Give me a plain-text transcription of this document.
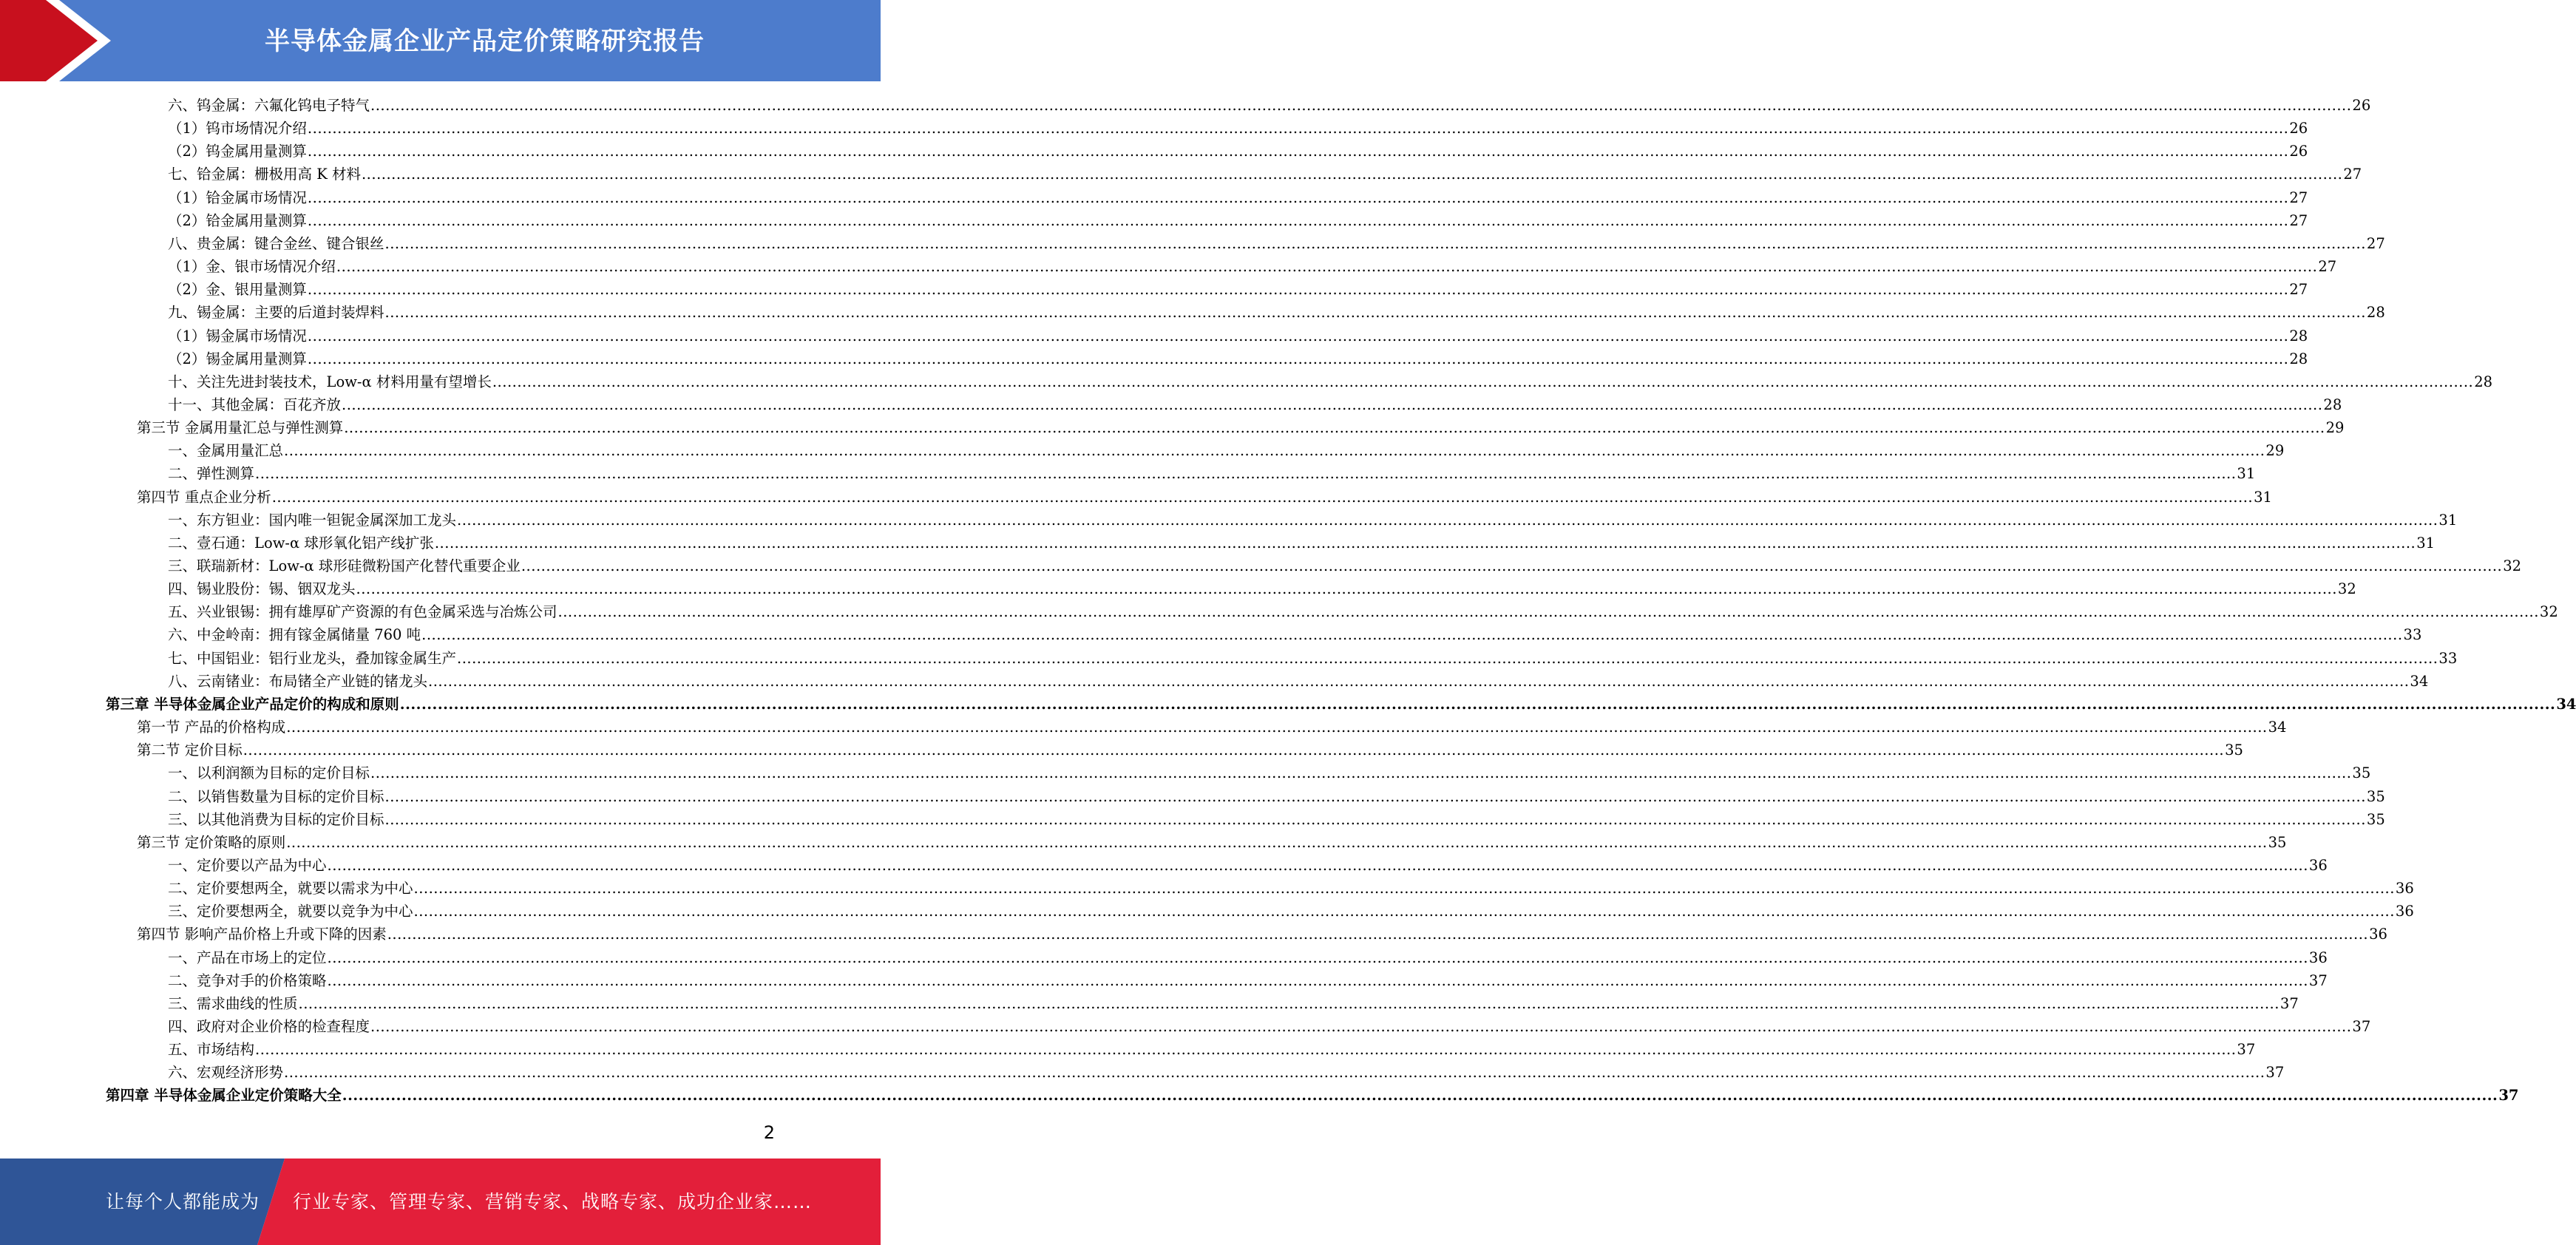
半导体金属企业产品定价策略研究报告
六、钨金属：六氟化钨电子特气 ................................................................................................................................................................................................................................................................................................................................................................................................................ 26
（1）钨市场情况介绍 ................................................................................................................................................................................................................................................................................................................................................................................................................ 26
（2）钨金属用量测算 ................................................................................................................................................................................................................................................................................................................................................................................................................ 26
七、铪金属：栅极用高 K 材料 ................................................................................................................................................................................................................................................................................................................................................................................................................ 27
（1）铪金属市场情况 ................................................................................................................................................................................................................................................................................................................................................................................................................ 27
（2）铪金属用量测算 ................................................................................................................................................................................................................................................................................................................................................................................................................ 27
八、贵金属：键合金丝、键合银丝 ................................................................................................................................................................................................................................................................................................................................................................................................................ 27
（1）金、银市场情况介绍 ................................................................................................................................................................................................................................................................................................................................................................................................................ 27
（2）金、银用量测算 ................................................................................................................................................................................................................................................................................................................................................................................................................ 27
九、锡金属：主要的后道封装焊料 ................................................................................................................................................................................................................................................................................................................................................................................................................ 28
（1）锡金属市场情况 ................................................................................................................................................................................................................................................................................................................................................................................................................ 28
（2）锡金属用量测算 ................................................................................................................................................................................................................................................................................................................................................................................................................ 28
十、关注先进封装技术，Low-α 材料用量有望增长 ................................................................................................................................................................................................................................................................................................................................................................................................................ 28
十一、其他金属：百花齐放 ................................................................................................................................................................................................................................................................................................................................................................................................................ 28
第三节 金属用量汇总与弹性测算 ................................................................................................................................................................................................................................................................................................................................................................................................................ 29
一、金属用量汇总 ................................................................................................................................................................................................................................................................................................................................................................................................................ 29
二、弹性测算 ................................................................................................................................................................................................................................................................................................................................................................................................................ 31
第四节 重点企业分析 ................................................................................................................................................................................................................................................................................................................................................................................................................ 31
一、东方钽业：国内唯一钽铌金属深加工龙头 ................................................................................................................................................................................................................................................................................................................................................................................................................ 31
二、壹石通：Low-α 球形氧化铝产线扩张 ................................................................................................................................................................................................................................................................................................................................................................................................................ 31
三、联瑞新材：Low-α 球形硅微粉国产化替代重要企业 ................................................................................................................................................................................................................................................................................................................................................................................................................ 32
四、锡业股份：锡、铟双龙头 ................................................................................................................................................................................................................................................................................................................................................................................................................ 32
五、兴业银锡：拥有雄厚矿产资源的有色金属采选与冶炼公司 ................................................................................................................................................................................................................................................................................................................................................................................................................ 32
六、中金岭南：拥有镓金属储量 760 吨 ................................................................................................................................................................................................................................................................................................................................................................................................................ 33
七、中国铝业：铝行业龙头，叠加镓金属生产 ................................................................................................................................................................................................................................................................................................................................................................................................................ 33
八、云南锗业：布局锗全产业链的锗龙头 ................................................................................................................................................................................................................................................................................................................................................................................................................ 34
第三章 半导体金属企业产品定价的构成和原则 ................................................................................................................................................................................................................................................................................................................................................................................................................ 34
第一节 产品的价格构成 ................................................................................................................................................................................................................................................................................................................................................................................................................ 34
第二节 定价目标 ................................................................................................................................................................................................................................................................................................................................................................................................................ 35
一、以利润额为目标的定价目标 ................................................................................................................................................................................................................................................................................................................................................................................................................ 35
二、以销售数量为目标的定价目标 ................................................................................................................................................................................................................................................................................................................................................................................................................ 35
三、以其他消费为目标的定价目标 ................................................................................................................................................................................................................................................................................................................................................................................................................ 35
第三节 定价策略的原则 ................................................................................................................................................................................................................................................................................................................................................................................................................ 35
一、定价要以产品为中心 ................................................................................................................................................................................................................................................................................................................................................................................................................ 36
二、定价要想两全，就要以需求为中心 ................................................................................................................................................................................................................................................................................................................................................................................................................ 36
三、定价要想两全，就要以竞争为中心 ................................................................................................................................................................................................................................................................................................................................................................................................................ 36
第四节 影响产品价格上升或下降的因素 ................................................................................................................................................................................................................................................................................................................................................................................................................ 36
一、产品在市场上的定位 ................................................................................................................................................................................................................................................................................................................................................................................................................ 36
二、竞争对手的价格策略 ................................................................................................................................................................................................................................................................................................................................................................................................................ 37
三、需求曲线的性质 ................................................................................................................................................................................................................................................................................................................................................................................................................ 37
四、政府对企业价格的检查程度 ................................................................................................................................................................................................................................................................................................................................................................................................................ 37
五、市场结构 ................................................................................................................................................................................................................................................................................................................................................................................................................ 37
六、宏观经济形势 ................................................................................................................................................................................................................................................................................................................................................................................................................ 37
第四章 半导体金属企业定价策略大全 ................................................................................................................................................................................................................................................................................................................................................................................................................ 37
2
让每个人都能成为 行业专家、管理专家、营销专家、战略专家、成功企业家……
